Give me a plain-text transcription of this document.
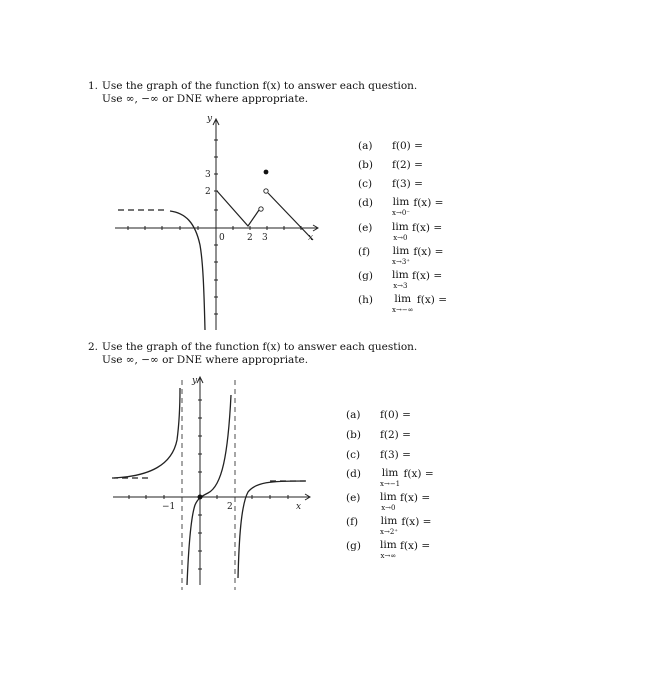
1. Use the graph of the function f(x) to answer each question.
Use ∞, −∞ or DNE where appropriate.
2. Use the graph of the function f(x) to answer each question.
Use ∞, −∞ or DNE where appropriate.
y
x
3
2
0 2 3
y
x
−1	2
(a) f(0) =
(b) f(2) =
(c) f(3) =
(d) lim
x→0⁻
f(x) =
(e) lim
x→0
f(x) =
(f) lim
x→3⁺
f(x) =
(g) lim
x→3
f(x) =
(h) lim
x→−∞
f(x) =
(a) f(0) =
(b) f(2) =
(c) f(3) =
(d) lim
x→−1
f(x) =
(e) lim
x→0
f(x) =
(f) lim
x→2⁺
f(x) =
(g) lim
x→∞
f(x) =
